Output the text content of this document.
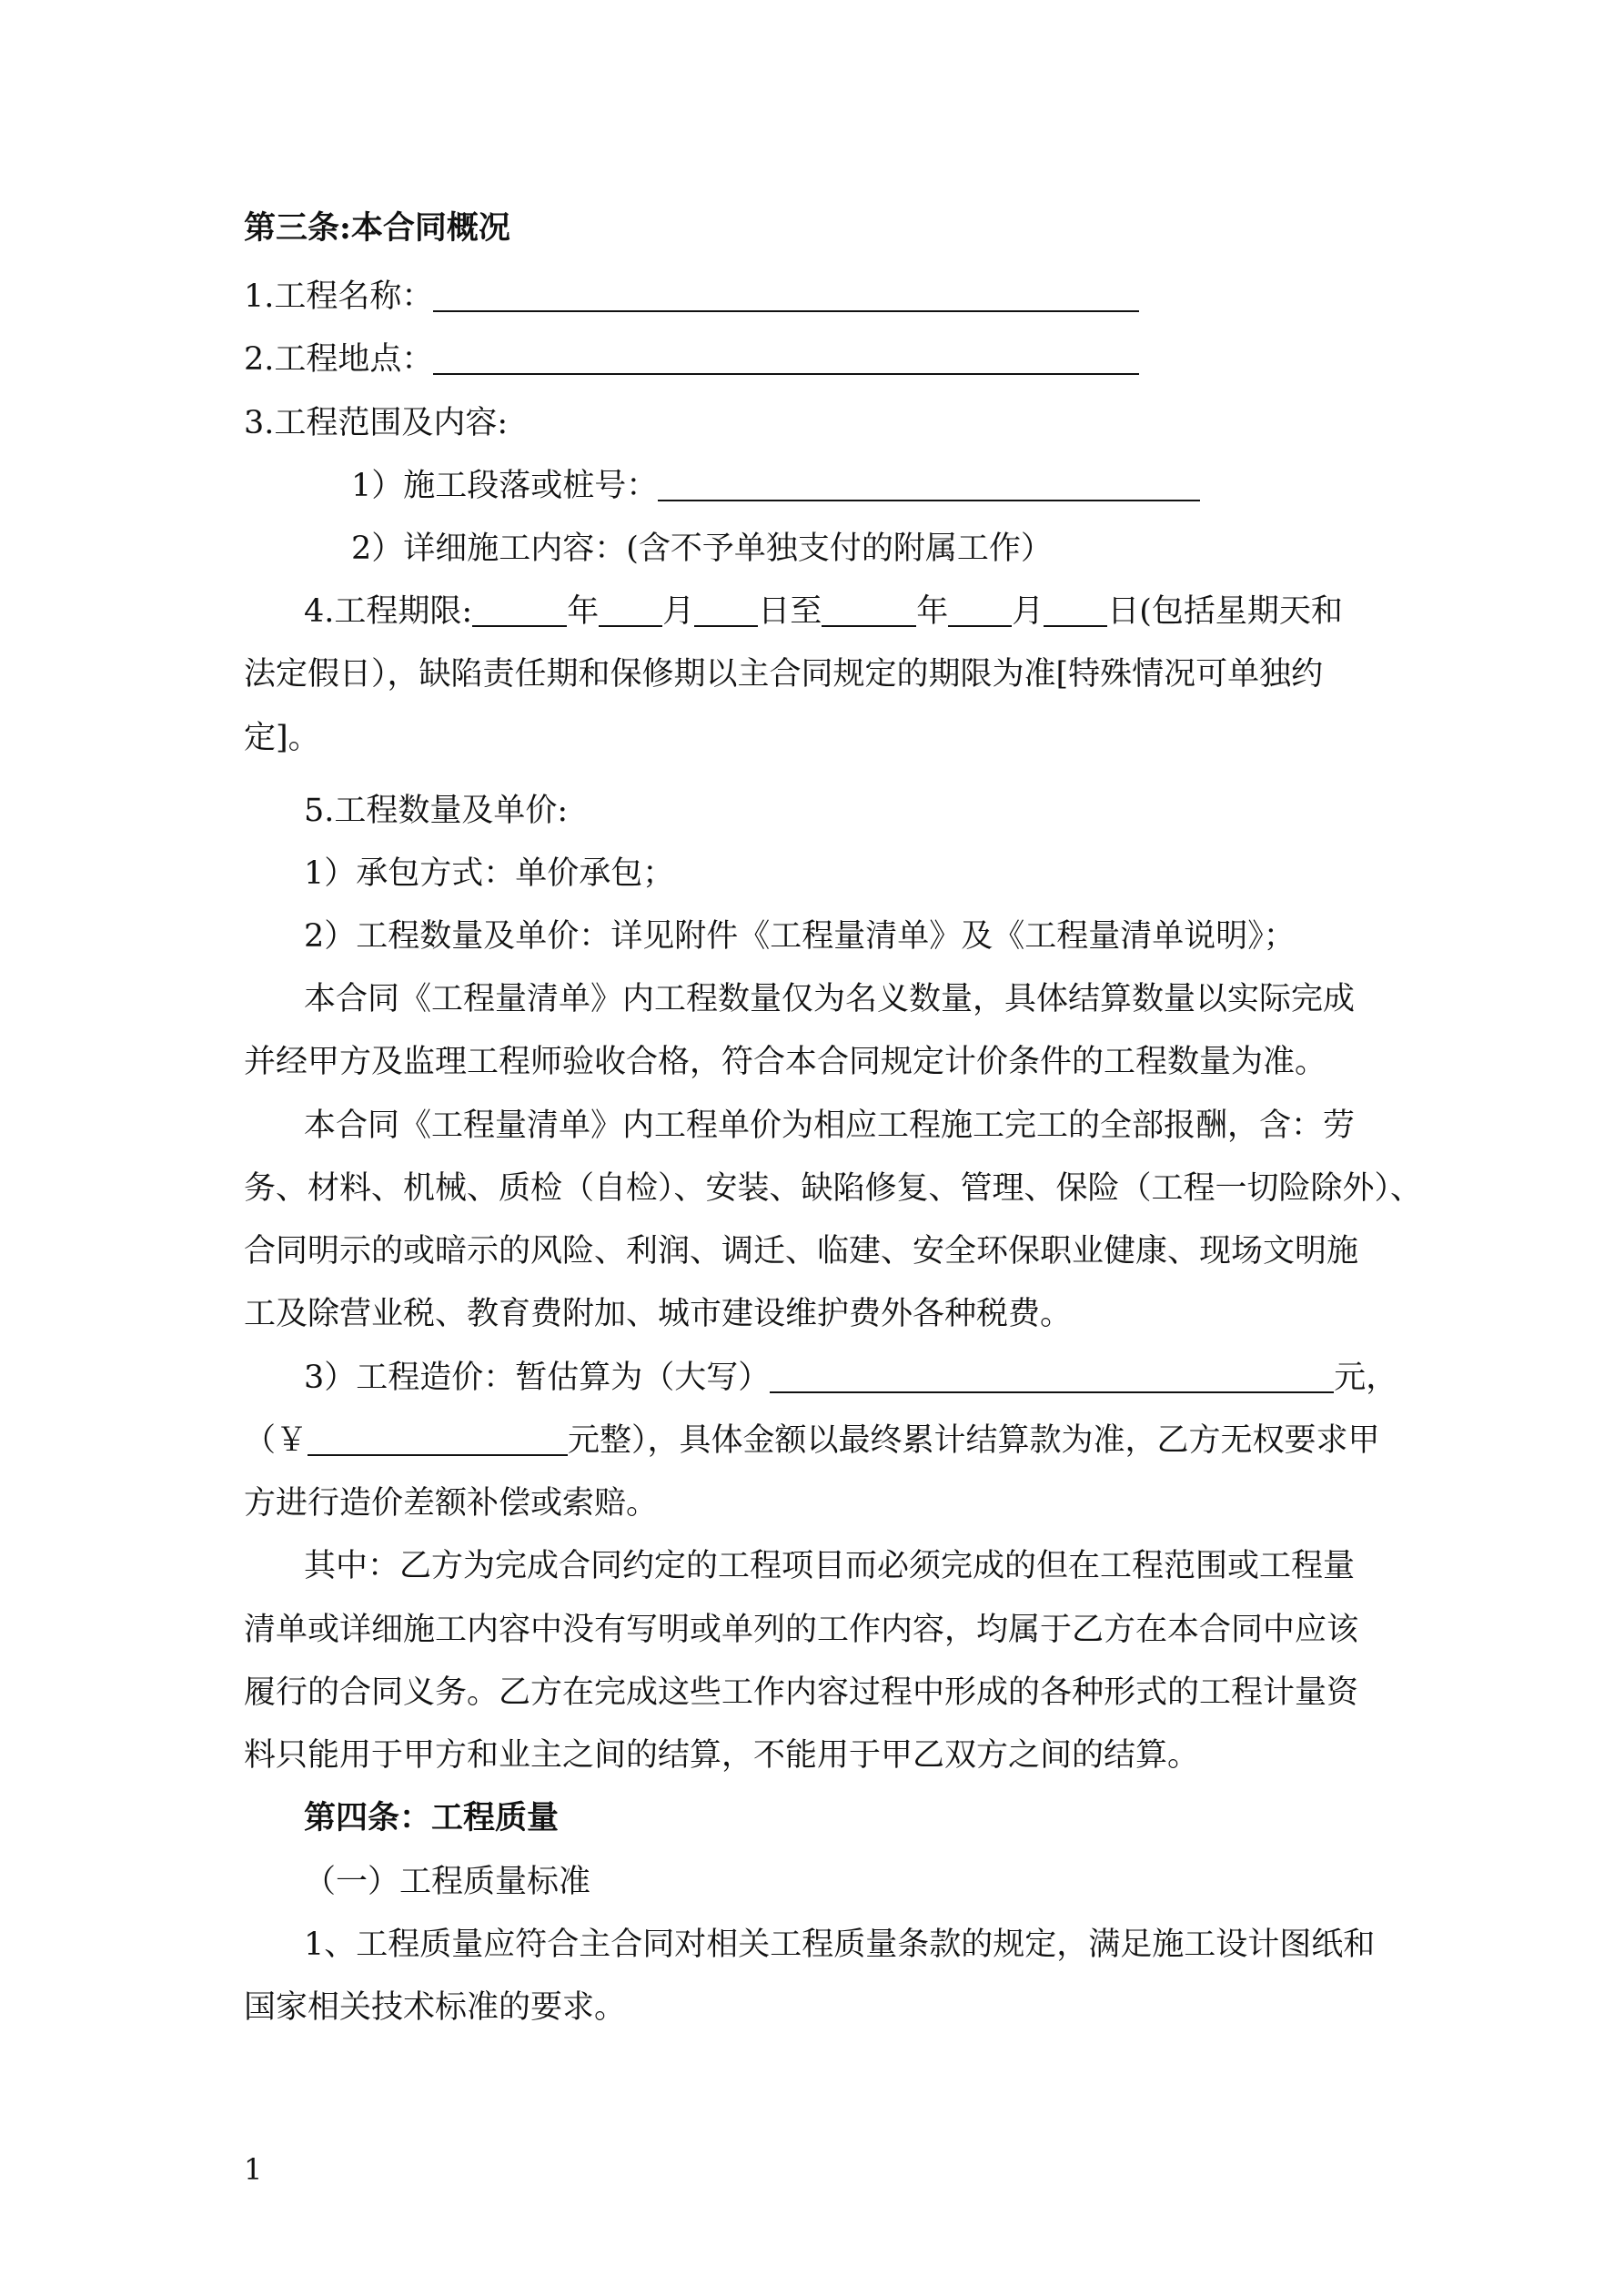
第三条:本合同概况
1.工程名称：
2.工程地点：
3.工程范围及内容:
1）施工段落或桩号：
2）详细施工内容：(含不予单独支付的附属工作）
4.工程期限:	年 月 日至	年 月 日(包括星期天和
法定假日），缺陷责任期和保修期以主合同规定的期限为准[特殊情况可单独约
定]。
5.工程数量及单价:
1）承包方式：单价承包；
2）工程数量及单价：详见附件《工程量清单》及《工程量清单说明》；
本合同《工程量清单》内工程数量仅为名义数量，具体结算数量以实际完成
并经甲方及监理工程师验收合格，符合本合同规定计价条件的工程数量为准。
本合同《工程量清单》内工程单价为相应工程施工完工的全部报酬，含：劳
务、材料、机械、质检（自检）、安装、缺陷修复、管理、保险（工程一切险除外）、
合同明示的或暗示的风险、利润、调迁、临建、安全环保职业健康、现场文明施
工及除营业税、教育费附加、城市建设维护费外各种税费。
3）工程造价：暂估算为（大写）	元，
（￥	元整），具体金额以最终累计结算款为准，乙方无权要求甲
方进行造价差额补偿或索赔。
其中：乙方为完成合同约定的工程项目而必须完成的但在工程范围或工程量
清单或详细施工内容中没有写明或单列的工作内容，均属于乙方在本合同中应该
履行的合同义务。乙方在完成这些工作内容过程中形成的各种形式的工程计量资
料只能用于甲方和业主之间的结算，不能用于甲乙双方之间的结算。
第四条：工程质量
（一）工程质量标准
1、工程质量应符合主合同对相关工程质量条款的规定，满足施工设计图纸和
国家相关技术标准的要求。
1
